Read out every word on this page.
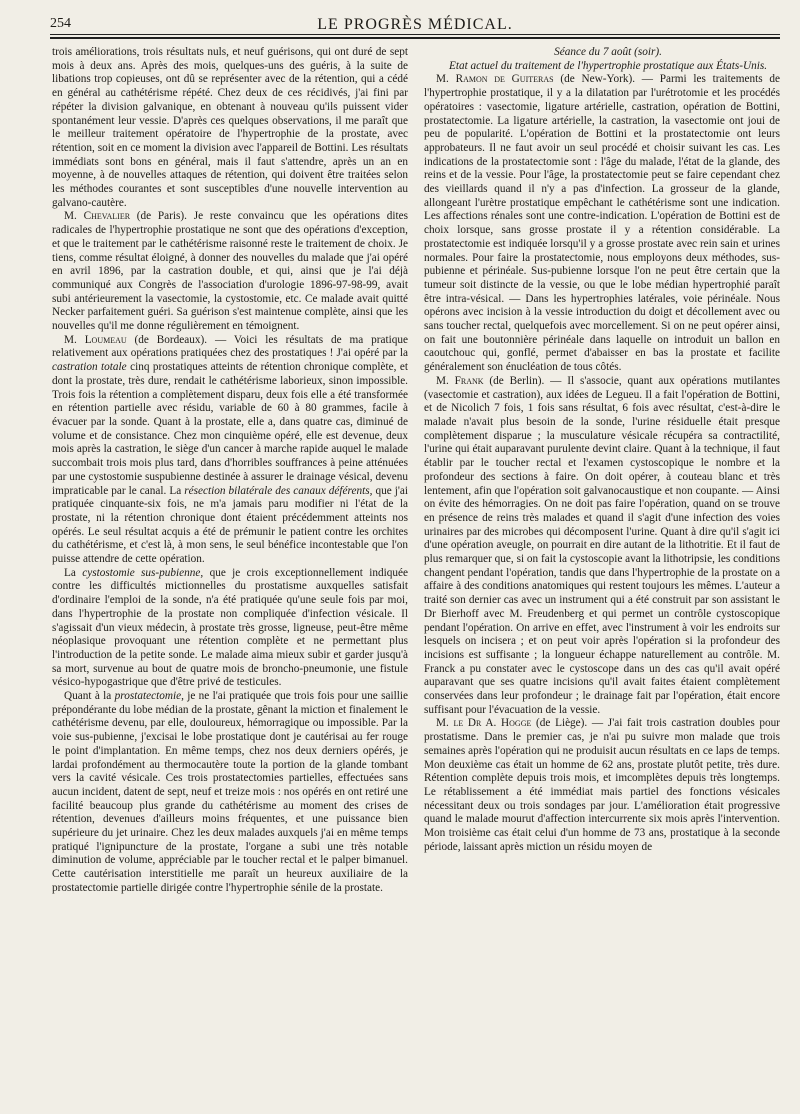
254	LE PROGRÈS MÉDICAL.

trois améliorations, trois résultats nuls, et neuf guérisons, qui ont duré de sept mois à deux ans. Après des mois, quelques-uns des guéris, à la suite de libations trop copieuses, ont dû se représenter avec de la rétention, qui a cédé en général au cathétérisme répété. Chez deux de ces récidivés, j'ai fini par répéter la division galvanique, en obtenant à nouveau qu'ils puissent vider spontanément leur vessie. D'après ces quelques observations, il me paraît que le meilleur traitement opératoire de l'hypertrophie de la prostate, avec rétention, soit en ce moment la division avec l'appareil de Bottini. Les résultats immédiats sont bons en général, mais il faut s'attendre, après un an en moyenne, à de nouvelles attaques de rétention, qui doivent être traitées selon les méthodes courantes et sont susceptibles d'une nouvelle intervention au galvano-cautère.

M. Chevalier (de Paris). Je reste convaincu que les opérations dites radicales de l'hypertrophie prostatique ne sont que des opérations d'exception, et que le traitement par le cathétérisme raisonné reste le traitement de choix. Je tiens, comme résultat éloigné, à donner des nouvelles du malade que j'ai opéré en avril 1896, par la castration double, et qui, ainsi que je l'ai déjà communiqué aux Congrès de l'association d'urologie 1896-97-98-99, avait subi antérieurement la vasectomie, la cystostomie, etc. Ce malade avait quitté Necker parfaitement guéri. Sa guérison s'est maintenue complète, ainsi que les nouvelles qu'il me donne régulièrement en témoignent.

M. Loumeau (de Bordeaux). — Voici les résultats de ma pratique relativement aux opérations pratiquées chez des prostatiques ! J'ai opéré par la castration totale cinq prostatiques atteints de rétention chronique complète, et dont la prostate, très dure, rendait le cathétérisme laborieux, sinon impossible. Trois fois la rétention a complètement disparu, deux fois elle a été transformée en rétention partielle avec résidu, variable de 60 à 80 grammes, facile à évacuer par la sonde. Quant à la prostate, elle a, dans quatre cas, diminué de volume et de consistance. Chez mon cinquième opéré, elle est devenue, deux mois après la castration, le siège d'un cancer à marche rapide auquel le malade succombait trois mois plus tard, dans d'horribles souffrances à peine atténuées par une cystostomie suspubienne destinée à assurer le drainage vésical, devenu impraticable par le canal. La résection bilatérale des canaux déférents, que j'ai pratiquée cinquante-six fois, ne m'a jamais paru modifier ni l'état de la prostate, ni la rétention chronique dont étaient précédemment atteints nos opérés. Le seul résultat acquis a été de prémunir le patient contre les orchites du cathétérisme, et c'est là, à mon sens, le seul bénéfice incontestable que l'on puisse attendre de cette opération.

La cystostomie sus-pubienne, que je crois exceptionnellement indiquée contre les difficultés mictionnelles du prostatisme auxquelles satisfait d'ordinaire l'emploi de la sonde, n'a été pratiquée qu'une seule fois par moi, dans l'hypertrophie de la prostate non compliquée d'infection vésicale. Il s'agissait d'un vieux médecin, à prostate très grosse, ligneuse, peut-être même néoplasique provoquant une rétention complète et ne permettant plus l'introduction de la petite sonde. Le malade aima mieux subir et garder jusqu'à sa mort, survenue au bout de quatre mois de broncho-pneumonie, une fistule vésico-hypogastrique que d'être privé de testicules.

Quant à la prostatectomie, je ne l'ai pratiquée que trois fois pour une saillie prépondérante du lobe médian de la prostate, gênant la miction et finalement le cathétérisme devenu, par elle, douloureux, hémorragique ou impossible. Par la voie sus-pubienne, j'excisai le lobe prostatique dont je cautérisai au fer rouge le point d'implantation. En même temps, chez nos deux derniers opérés, je lardai profondément au thermocautère toute la portion de la glande tombant vers la cavité vésicale. Ces trois prostatectomies partielles, effectuées sans aucun incident, datent de sept, neuf et treize mois : nos opérés en ont retiré une facilité beaucoup plus grande du cathétérisme au moment des crises de rétention, devenues d'ailleurs moins fréquentes, et une puissance bien supérieure du jet urinaire. Chez les deux malades auxquels j'ai en même temps pratiqué l'ignipuncture de la prostate, l'organe a subi une très notable diminution de volume, appréciable par le toucher rectal et le palper bimanuel. Cette cautérisation interstitielle me paraît un heureux auxiliaire de la prostatectomie partielle dirigée contre l'hypertrophie sénile de la prostate.

Séance du 7 août (soir).

Etat actuel du traitement de l'hypertrophie prostatique aux États-Unis.

M. Ramon de Guiteras (de New-York). — Parmi les traitements de l'hypertrophie prostatique, il y a la dilatation par l'urétrotomie et les procédés opératoires : vasectomie, ligature artérielle, castration, opération de Bottini, prostatectomie. La ligature artérielle, la castration, la vasectomie ont joui de peu de popularité. L'opération de Bottini et la prostatectomie ont leurs approbateurs. Il ne faut avoir un seul procédé et choisir suivant les cas. Les indications de la prostatectomie sont : l'âge du malade, l'état de la glande, des reins et de la vessie. Pour l'âge, la prostatectomie peut se faire cependant chez des vieillards quand il n'y a pas d'infection. La grosseur de la glande, allongeant l'urètre prostatique empêchant le cathétérisme sont une indication. Les affections rénales sont une contre-indication. L'opération de Bottini est de choix lorsque, sans grosse prostate il y a rétention considérable. La prostatectomie est indiquée lorsqu'il y a grosse prostate avec rein sain et urines normales. Pour faire la prostatectomie, nous employons deux méthodes, sus-pubienne et périnéale. Sus-pubienne lorsque l'on ne peut être certain que la tumeur soit distincte de la vessie, ou que le lobe médian hypertrophié paraît être intra-vésical. — Dans les hypertrophies latérales, voie périnéale. Nous opérons avec incision à la vessie introduction du doigt et décollement avec ou sans toucher rectal, quelquefois avec morcellement. Si on ne peut opérer ainsi, on fait une boutonnière périnéale dans laquelle on introduit un ballon en caoutchouc qui, gonflé, permet d'abaisser en bas la prostate et facilite généralement son énucléation de tous côtés.

M. Frank (de Berlin). — Il s'associe, quant aux opérations mutilantes (vasectomie et castration), aux idées de Legueu. Il a fait l'opération de Bottini, et de Nicolich 7 fois, 1 fois sans résultat, 6 fois avec résultat, c'est-à-dire le malade n'avait plus besoin de la sonde, l'urine résiduelle était presque complètement disparue ; la musculature vésicale récupéra sa contractilité, l'urine qui était auparavant purulente devint claire. Quant à la technique, il faut établir par le toucher rectal et l'examen cystoscopique le nombre et la profondeur des sections à faire. On doit opérer, à couteau blanc et très lentement, afin que l'opération soit galvanocaustique et non coupante. — Ainsi on évite des hémorragies. On ne doit pas faire l'opération, quand on se trouve en présence de reins très malades et quand il s'agit d'une infection des voies urinaires par des microbes qui décomposent l'urine. Quant à dire qu'il s'agit ici d'une opération aveugle, on pourrait en dire autant de la lithotritie. Et il faut de plus remarquer que, si on fait la cystoscopie avant la lithotripsie, les conditions changent pendant l'opération, tandis que dans l'hypertrophie de la prostate on a affaire à des conditions anatomiques qui restent toujours les mêmes. L'auteur a traité son dernier cas avec un instrument qui a été construit par son assistant le Dr Bierhoff avec M. Freudenberg et qui permet un contrôle cystoscopique pendant l'opération. On arrive en effet, avec l'instrument à voir les endroits sur lesquels on incisera ; et on peut voir après l'opération si la profondeur des incisions est suffisante ; la longueur échappe naturellement au contrôle. M. Franck a pu constater avec le cystoscope dans un des cas qu'il avait opéré auparavant que ses quatre incisions qu'il avait faites étaient complètement conservées dans leur profondeur ; le drainage fait par l'opération, était encore suffisant pour l'évacuation de la vessie.

M. le Dr A. Hogge (de Liège). — J'ai fait trois castration doubles pour prostatisme. Dans le premier cas, je n'ai pu suivre mon malade que trois semaines après l'opération qui ne produisit aucun résultats en ce laps de temps. Mon deuxième cas était un homme de 62 ans, prostate plutôt petite, très dure. Rétention complète depuis trois mois, et imcomplètes depuis très longtemps. Le rétablissement a été immédiat mais partiel des fonctions vésicales nécessitant deux ou trois sondages par jour. L'amélioration était progressive quand le malade mourut d'affection intercurrente six mois après l'intervention. Mon troisième cas était celui d'un homme de 73 ans, prostatique à la seconde période, laissant après miction un résidu moyen de
